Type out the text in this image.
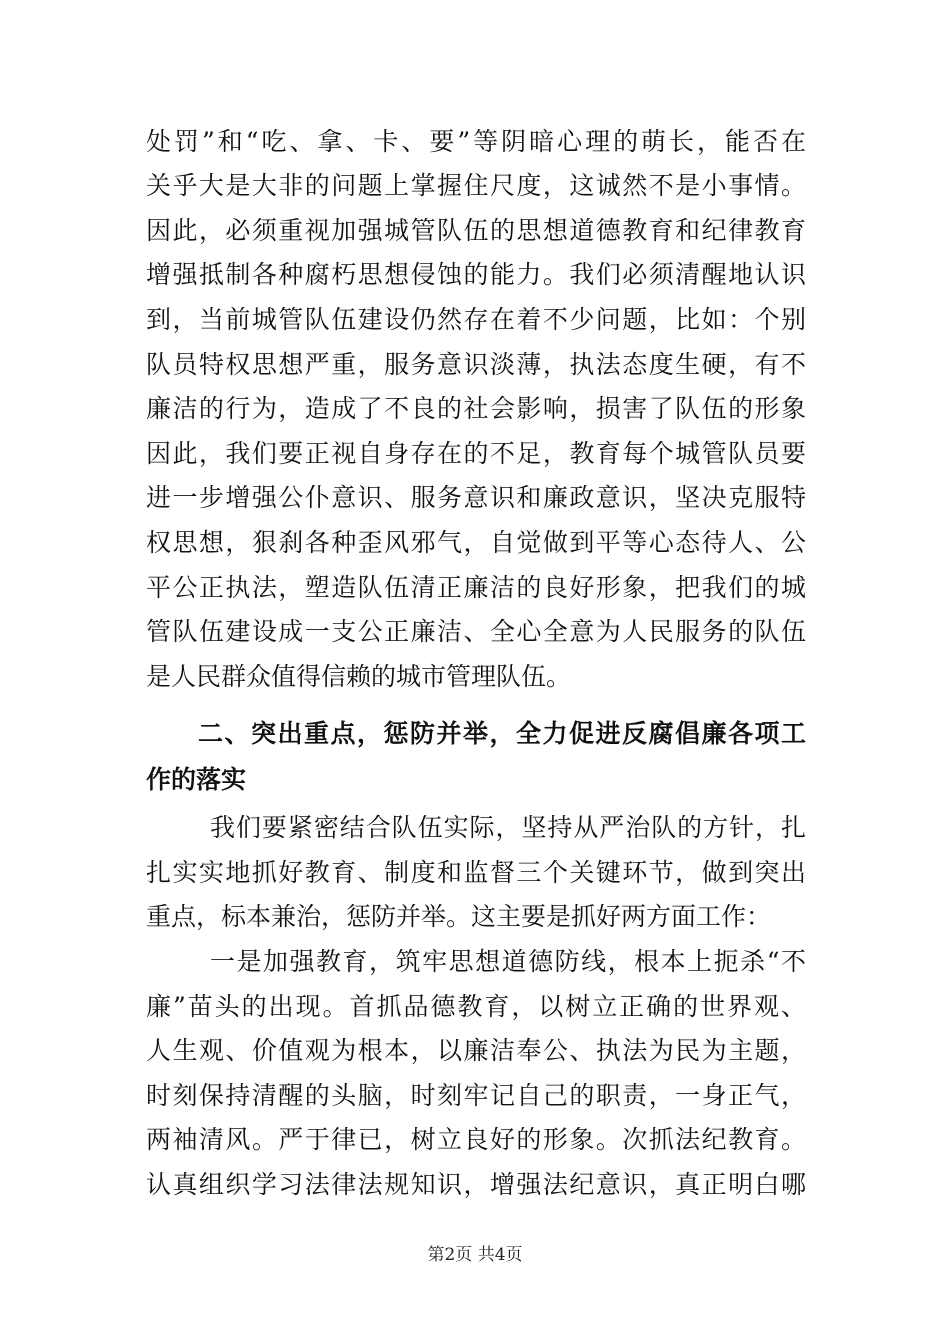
处罚”和“吃、拿、卡、要”等阴暗心理的萌长，能否在
关乎大是大非的问题上掌握住尺度，这诚然不是小事情。
因此，必须重视加强城管队伍的思想道德教育和纪律教育
增强抵制各种腐朽思想侵蚀的能力。我们必须清醒地认识
到，当前城管队伍建设仍然存在着不少问题，比如：个别
队员特权思想严重，服务意识淡薄，执法态度生硬，有不
廉洁的行为，造成了不良的社会影响，损害了队伍的形象
因此，我们要正视自身存在的不足，教育每个城管队员要
进一步增强公仆意识、服务意识和廉政意识，坚决克服特
权思想，狠刹各种歪风邪气，自觉做到平等心态待人、公
平公正执法，塑造队伍清正廉洁的良好形象，把我们的城
管队伍建设成一支公正廉洁、全心全意为人民服务的队伍
是人民群众值得信赖的城市管理队伍。
二、突出重点，惩防并举，全力促进反腐倡廉各项工
作的落实
我们要紧密结合队伍实际，坚持从严治队的方针，扎
扎实实地抓好教育、制度和监督三个关键环节，做到突出
重点，标本兼治，惩防并举。这主要是抓好两方面工作：
一是加强教育，筑牢思想道德防线，根本上扼杀“不
廉”苗头的出现。首抓品德教育，以树立正确的世界观、
人生观、价值观为根本，以廉洁奉公、执法为民为主题，
时刻保持清醒的头脑，时刻牢记自己的职责，一身正气，
两袖清风。严于律已，树立良好的形象。次抓法纪教育。
认真组织学习法律法规知识，增强法纪意识，真正明白哪
第2页 共4页
